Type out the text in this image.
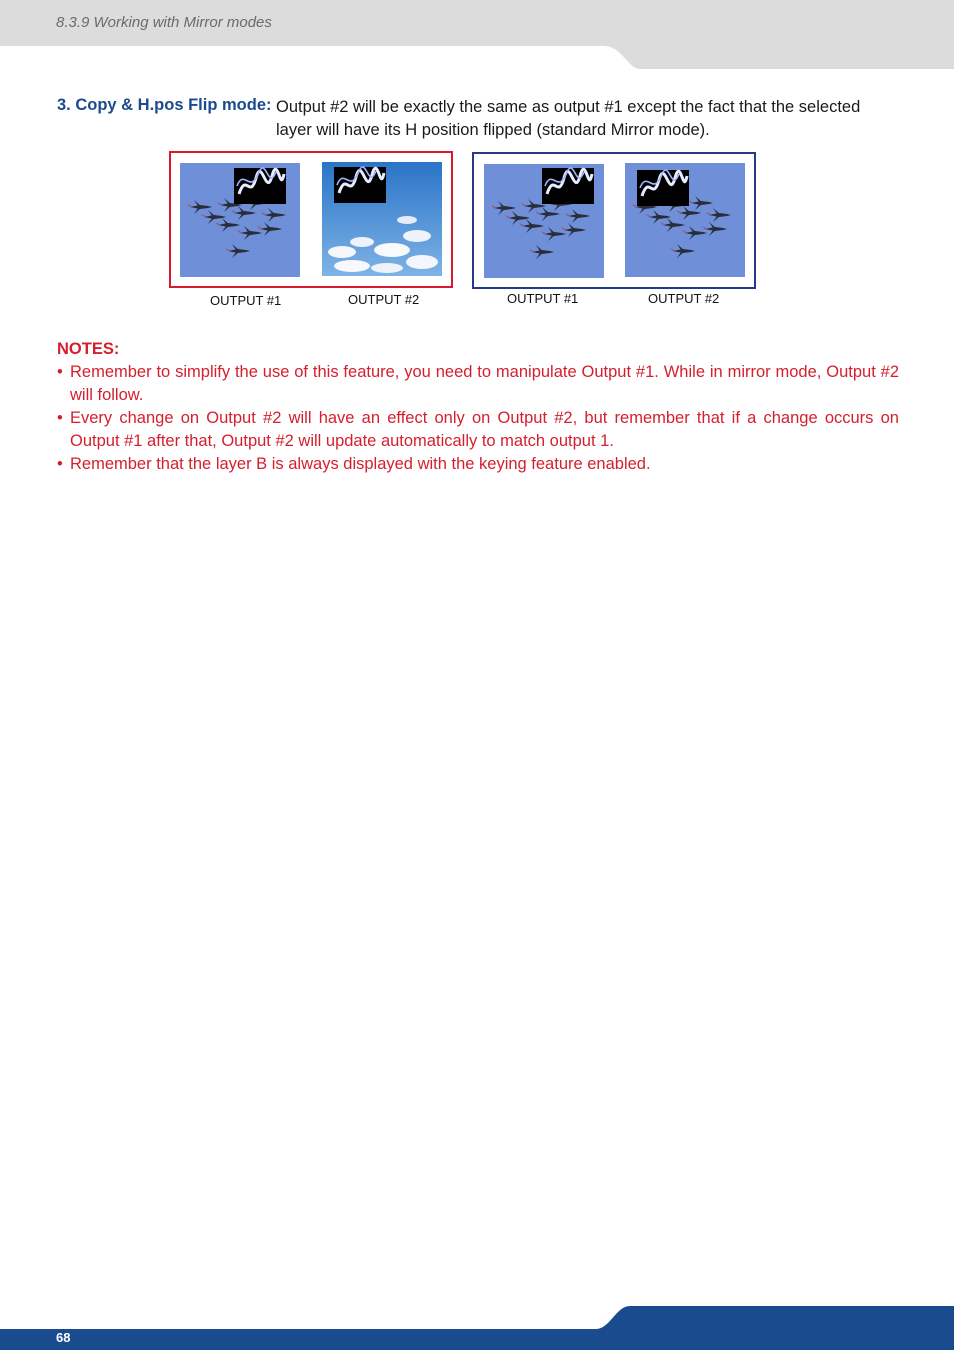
8.3.9 Working with Mirror modes
3. Copy & H.pos Flip mode: Output #2 will be exactly the same as output #1 except the fact that the selected layer will have its H position flipped (standard Mirror mode).
OUTPUT #1	OUTPUT #2	OUTPUT #1	OUTPUT #2
NOTES:
• Remember to simplify the use of this feature, you need to manipulate Output #1. While in mirror mode, Output #2 will follow.
• Every change on Output #2 will have an effect only on Output #2, but remember that if a change occurs on Output #1 after that, Output #2 will update automatically to match output 1.
• Remember that the layer B is always displayed with the keying feature enabled.
68
